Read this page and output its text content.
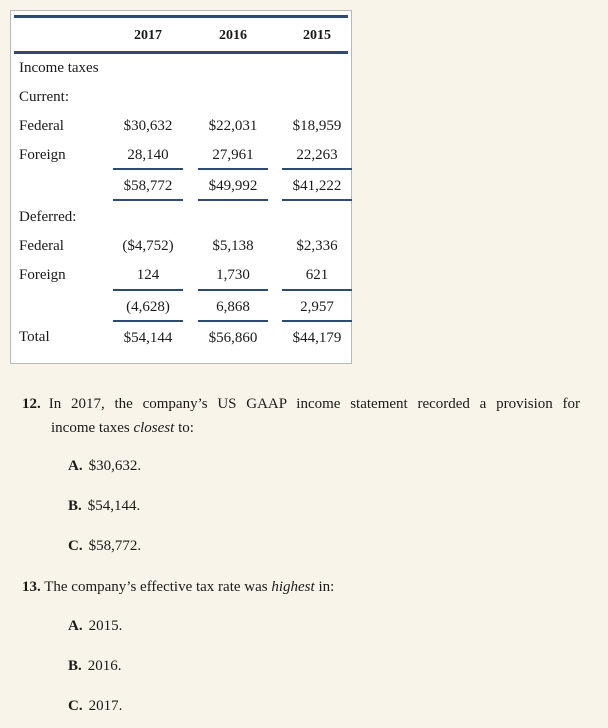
2017	2016	2015
Income taxes
Current:
Federal	$30,632	$22,031	$18,959
Foreign	28,140	27,961	22,263
$58,772	$49,992	$41,222
Deferred:
Federal	($4,752)	$5,138	$2,336
Foreign	124	1,730	621
(4,628)	6,868	2,957
Total	$54,144	$56,860	$44,179
12. In 2017, the company’s US GAAP income statement recorded a provision for
income taxes closest to:
A. $30,632.
B. $54,144.
C. $58,772.
13. The company’s effective tax rate was highest in:
A. 2015.
B. 2016.
C. 2017.
